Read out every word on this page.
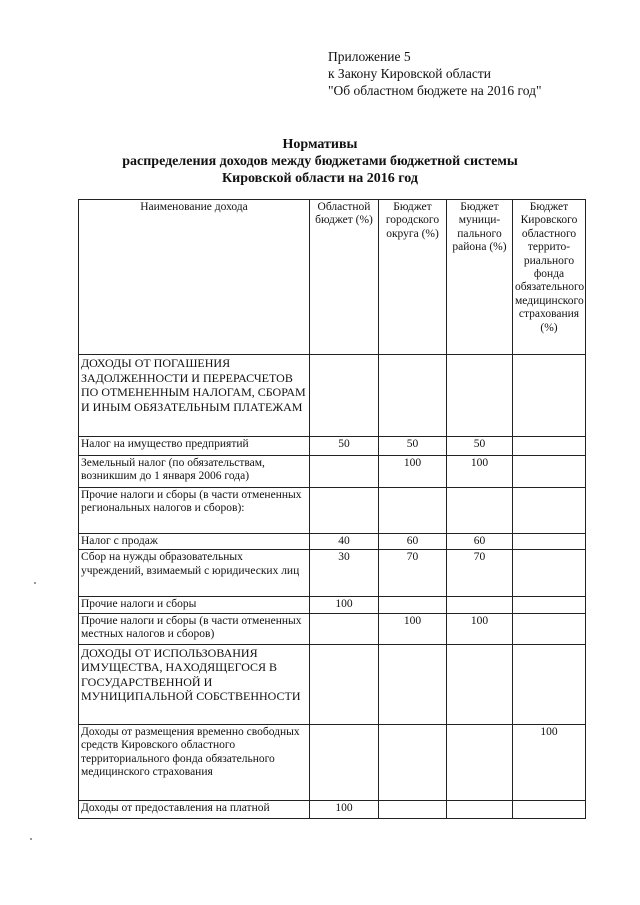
Приложение 5
к Закону Кировской области
"Об областном бюджете на 2016 год"
Нормативы
распределения доходов между бюджетами бюджетной системы
Кировской области на 2016 год
Наименование дохода	Областной бюджет (%)	Бюджет городского округа (%)	Бюджет муници-пального района (%)	Бюджет Кировского областного террито-риального фонда обязательного медицинского страхования (%)
ДОХОДЫ ОТ ПОГАШЕНИЯ ЗАДОЛЖЕННОСТИ И ПЕРЕРАСЧЕТОВ ПО ОТМЕНЕННЫМ НАЛОГАМ, СБОРАМ И ИНЫМ ОБЯЗАТЕЛЬНЫМ ПЛАТЕЖАМ				
Налог на имущество предприятий	50	50	50	
Земельный налог (по обязательствам, возникшим до 1 января 2006 года)		100	100	
Прочие налоги и сборы (в части отмененных региональных налогов и сборов):				
Налог с продаж	40	60	60	
Сбор на нужды образовательных учреждений, взимаемый с юридических лиц	30	70	70	
Прочие налоги и сборы	100			
Прочие налоги и сборы (в части отмененных местных налогов и сборов)		100	100	
ДОХОДЫ ОТ ИСПОЛЬЗОВАНИЯ ИМУЩЕСТВА, НАХОДЯЩЕГОСЯ В ГОСУДАРСТВЕННОЙ И МУНИЦИПАЛЬНОЙ СОБСТВЕННОСТИ				
Доходы от размещения временно свободных средств Кировского областного территориального фонда обязательного медицинского страхования				100
Доходы от предоставления на платной	100			
